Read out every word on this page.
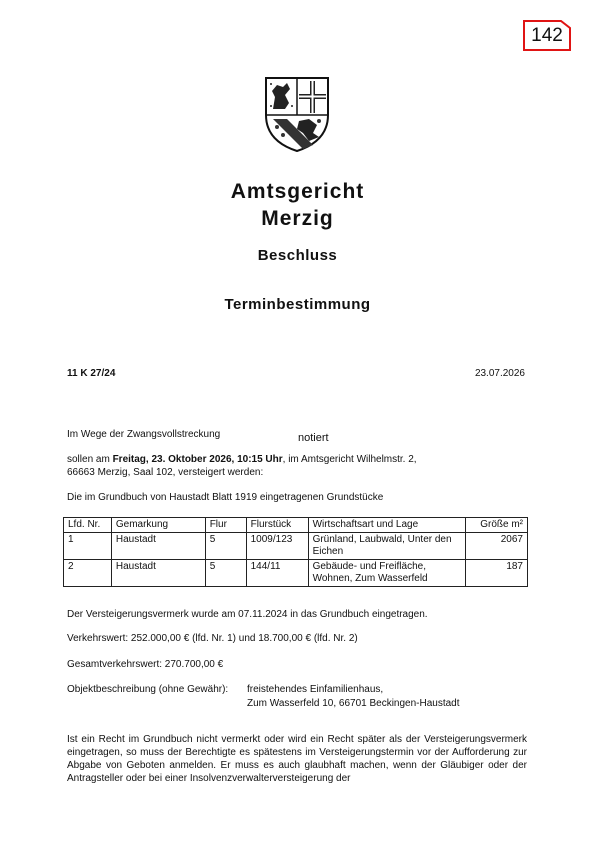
142
Amtsgericht
Merzig
Beschluss
Terminbestimmung
11 K 27/24	23.07.2026
Im Wege der Zwangsvollstreckung	notiert
sollen am Freitag, 23. Oktober 2026, 10:15 Uhr, im Amtsgericht Wilhelmstr. 2,
66663 Merzig, Saal 102, versteigert werden:
Die im Grundbuch von Haustadt Blatt 1919 eingetragenen Grundstücke
Lfd. Nr.	Gemarkung	Flur	Flurstück	Wirtschaftsart und Lage	Größe m²
1	Haustadt	5	1009/123	Grünland, Laubwald, Unter den Eichen	2067
2	Haustadt	5	144/11	Gebäude- und Freifläche, Wohnen, Zum Wasserfeld	187
Der Versteigerungsvermerk wurde am 07.11.2024 in das Grundbuch eingetragen.
Verkehrswert: 252.000,00 € (lfd. Nr. 1) und 18.700,00 € (lfd. Nr. 2)
Gesamtverkehrswert: 270.700,00 €
Objektbeschreibung (ohne Gewähr): freistehendes Einfamilienhaus,
Zum Wasserfeld 10, 66701 Beckingen-Haustadt
Ist ein Recht im Grundbuch nicht vermerkt oder wird ein Recht später als der Versteigerungsvermerk eingetragen, so muss der Berechtigte es spätestens im Versteigerungstermin vor der Aufforderung zur Abgabe von Geboten anmelden. Er muss es auch glaubhaft machen, wenn der Gläubiger oder der Antragsteller oder bei einer Insolvenzverwalterversteigerung der
